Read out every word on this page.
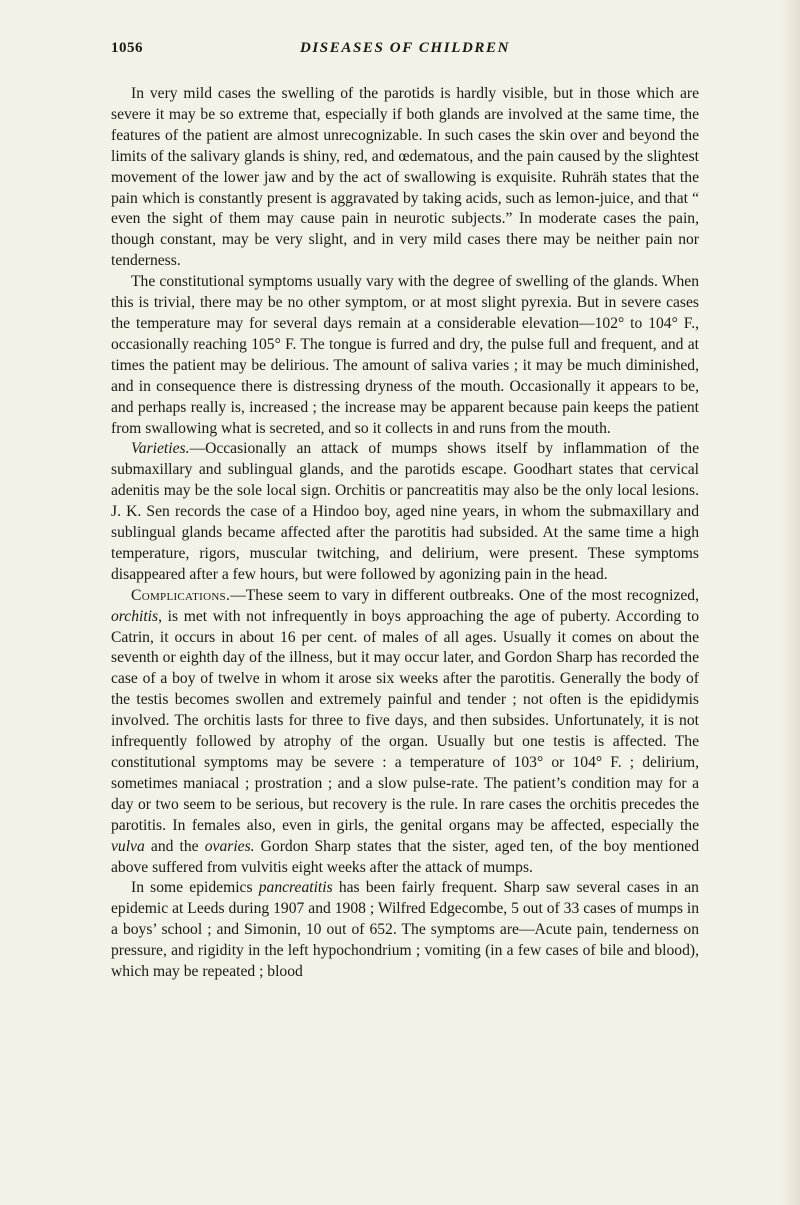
1056	DISEASES OF CHILDREN

In very mild cases the swelling of the parotids is hardly visible, but in those which are severe it may be so extreme that, especially if both glands are involved at the same time, the features of the patient are almost unrecognizable. In such cases the skin over and beyond the limits of the salivary glands is shiny, red, and œdematous, and the pain caused by the slightest movement of the lower jaw and by the act of swallowing is exquisite. Ruhräh states that the pain which is constantly present is aggravated by taking acids, such as lemon-juice, and that “ even the sight of them may cause pain in neurotic subjects.” In moderate cases the pain, though constant, may be very slight, and in very mild cases there may be neither pain nor tenderness.

The constitutional symptoms usually vary with the degree of swelling of the glands. When this is trivial, there may be no other symptom, or at most slight pyrexia. But in severe cases the temperature may for several days remain at a considerable elevation—102° to 104° F., occasionally reaching 105° F. The tongue is furred and dry, the pulse full and frequent, and at times the patient may be delirious. The amount of saliva varies ; it may be much diminished, and in consequence there is distressing dryness of the mouth. Occasionally it appears to be, and perhaps really is, increased ; the increase may be apparent because pain keeps the patient from swallowing what is secreted, and so it collects in and runs from the mouth.

Varieties.—Occasionally an attack of mumps shows itself by inflammation of the submaxillary and sublingual glands, and the parotids escape. Goodhart states that cervical adenitis may be the sole local sign. Orchitis or pancreatitis may also be the only local lesions. J. K. Sen records the case of a Hindoo boy, aged nine years, in whom the submaxillary and sublingual glands became affected after the parotitis had subsided. At the same time a high temperature, rigors, muscular twitching, and delirium, were present. These symptoms disappeared after a few hours, but were followed by agonizing pain in the head.

Complications.—These seem to vary in different outbreaks. One of the most recognized, orchitis, is met with not infrequently in boys approaching the age of puberty. According to Catrin, it occurs in about 16 per cent. of males of all ages. Usually it comes on about the seventh or eighth day of the illness, but it may occur later, and Gordon Sharp has recorded the case of a boy of twelve in whom it arose six weeks after the parotitis. Generally the body of the testis becomes swollen and extremely painful and tender ; not often is the epididymis involved. The orchitis lasts for three to five days, and then subsides. Unfortunately, it is not infrequently followed by atrophy of the organ. Usually but one testis is affected. The constitutional symptoms may be severe : a temperature of 103° or 104° F. ; delirium, sometimes maniacal ; prostration ; and a slow pulse-rate. The patient’s condition may for a day or two seem to be serious, but recovery is the rule. In rare cases the orchitis precedes the parotitis. In females also, even in girls, the genital organs may be affected, especially the vulva and the ovaries. Gordon Sharp states that the sister, aged ten, of the boy mentioned above suffered from vulvitis eight weeks after the attack of mumps.

In some epidemics pancreatitis has been fairly frequent. Sharp saw several cases in an epidemic at Leeds during 1907 and 1908 ; Wilfred Edgecombe, 5 out of 33 cases of mumps in a boys’ school ; and Simonin, 10 out of 652. The symptoms are—Acute pain, tenderness on pressure, and rigidity in the left hypochondrium ; vomiting (in a few cases of bile and blood), which may be repeated ; blood
